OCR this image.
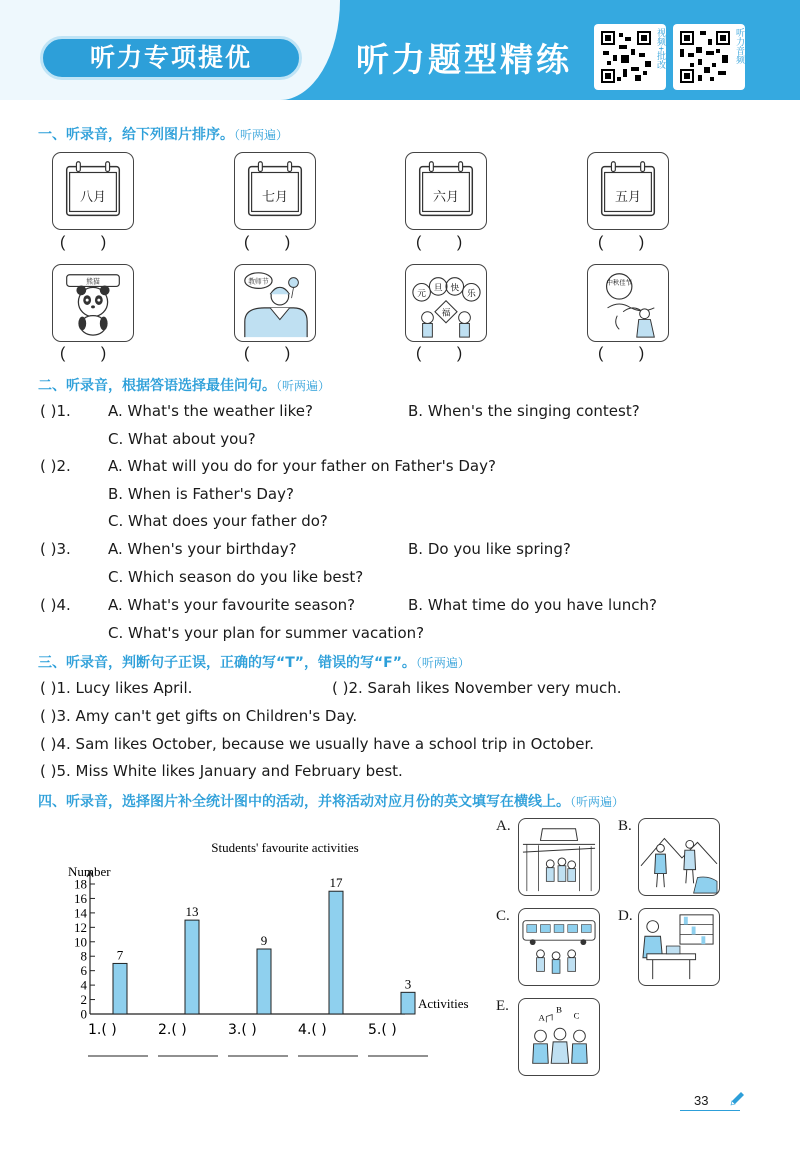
听力专项提优	听力题型精练	视频+批改	听力音频
一、听录音，给下列图片排序。（听两遍）
八月	七月	六月	五月
(        )	(        )	(        )	(        )
熊猫	教师节
元
旦 快
乐
福
中秋佳节
(        )	(        )	(        )	(        )
二、听录音，根据答语选择最佳问句。（听两遍）
( )1. A. What's the weather like?	B. When's the singing contest?
C. What about you?
( )2. A. What will you do for your father on Father's Day?
B. When is Father's Day?
C. What does your father do?
( )3. A. When's your birthday?	B. Do you like spring?
C. Which season do you like best?
( )4. A. What's your favourite season?	B. What time do you have lunch?
C. What's your plan for summer vacation?
三、听录音，判断句子正误，正确的写“T”，错误的写“F”。（听两遍）
( )1. Lucy likes April.	( )2. Sarah likes November very much.
( )3. Amy can't get gifts on Children's Day.
( )4. Sam likes October, because we usually have a school trip in October.
( )5. Miss White likes January and February best.
四、听录音，选择图片补全统计图中的活动，并将活动对应月份的英文填写在横线上。（听两遍）
Students' favourite activities
Number
Activities
0
2
4
6
8
10
12
14
16
18
7
13
9
17
3
1.( )	2.( )	3.( )	4.( )	5.( )
A.	B.
C.	D.
E.
A
B
C
33
